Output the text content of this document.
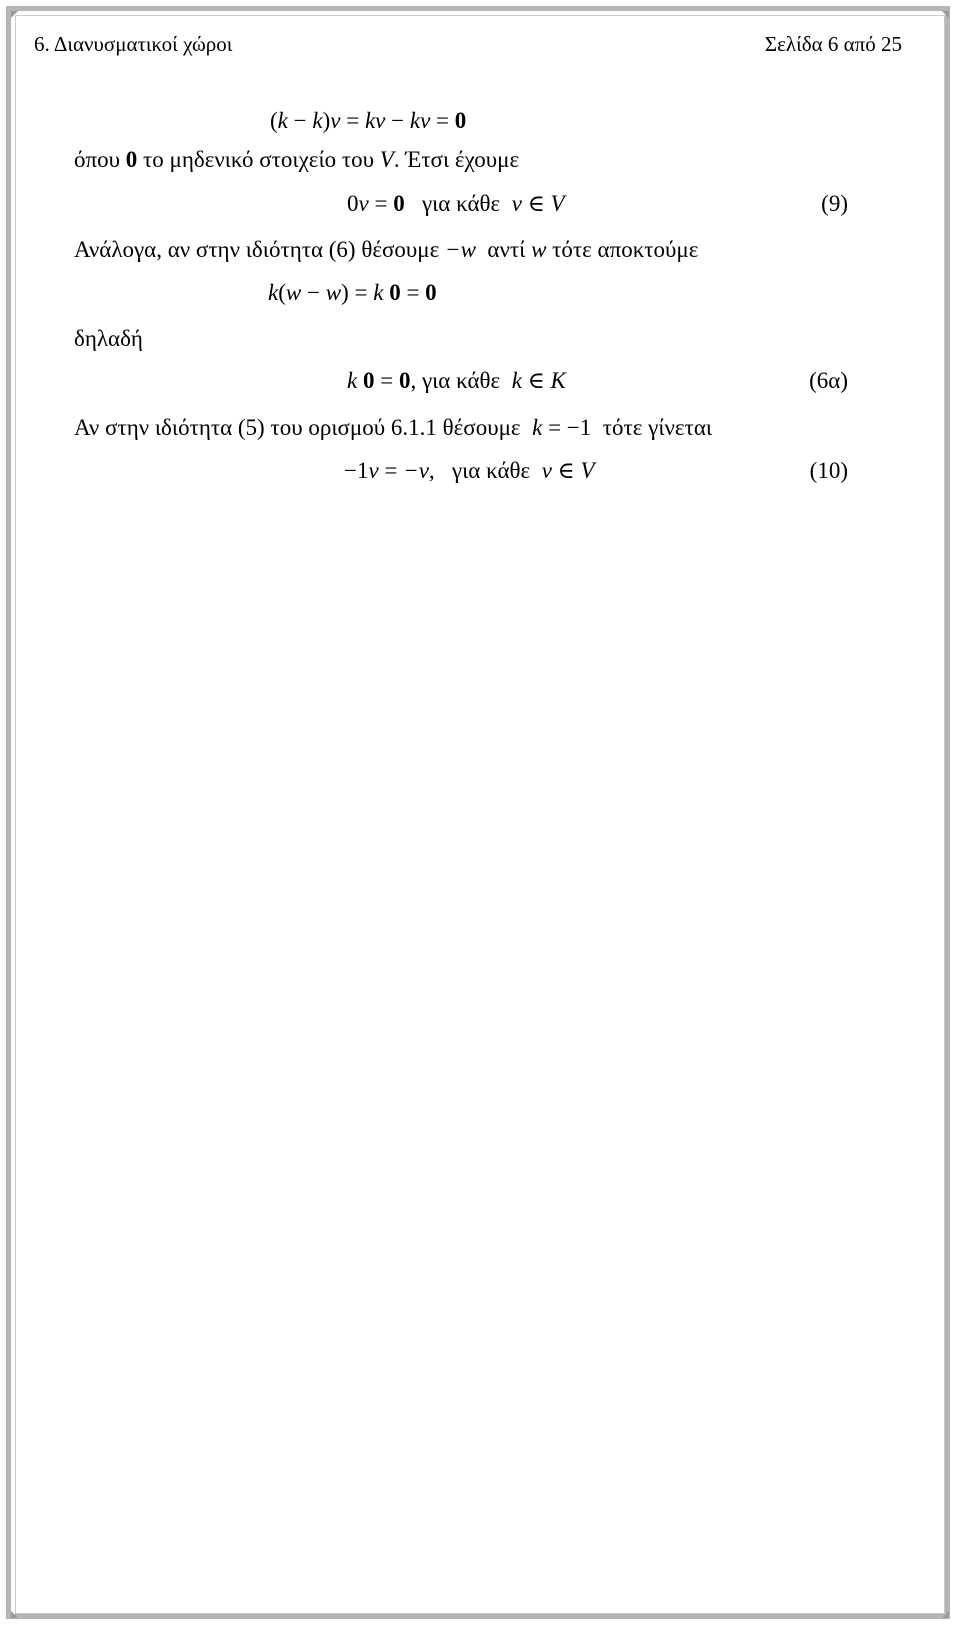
6. Διανυσματικοί χώροι	Σελίδα 6 από 25
(k − k)v = kv − kv = 0
όπου 0 το μηδενικό στοιχείο του V. Έτσι έχουμε
0v = 0   για κάθε  v ∈ V	(9)
Ανάλογα, αν στην ιδιότητα (6) θέσουμε −w  αντί w τότε αποκτούμε
k(w − w) = k 0 = 0
δηλαδή
k 0 = 0, για κάθε  k ∈ K	(6α)
Αν στην ιδιότητα (5) του ορισμού 6.1.1 θέσουμε  k = −1  τότε γίνεται
−1v = −v,   για κάθε  v ∈ V	(10)
